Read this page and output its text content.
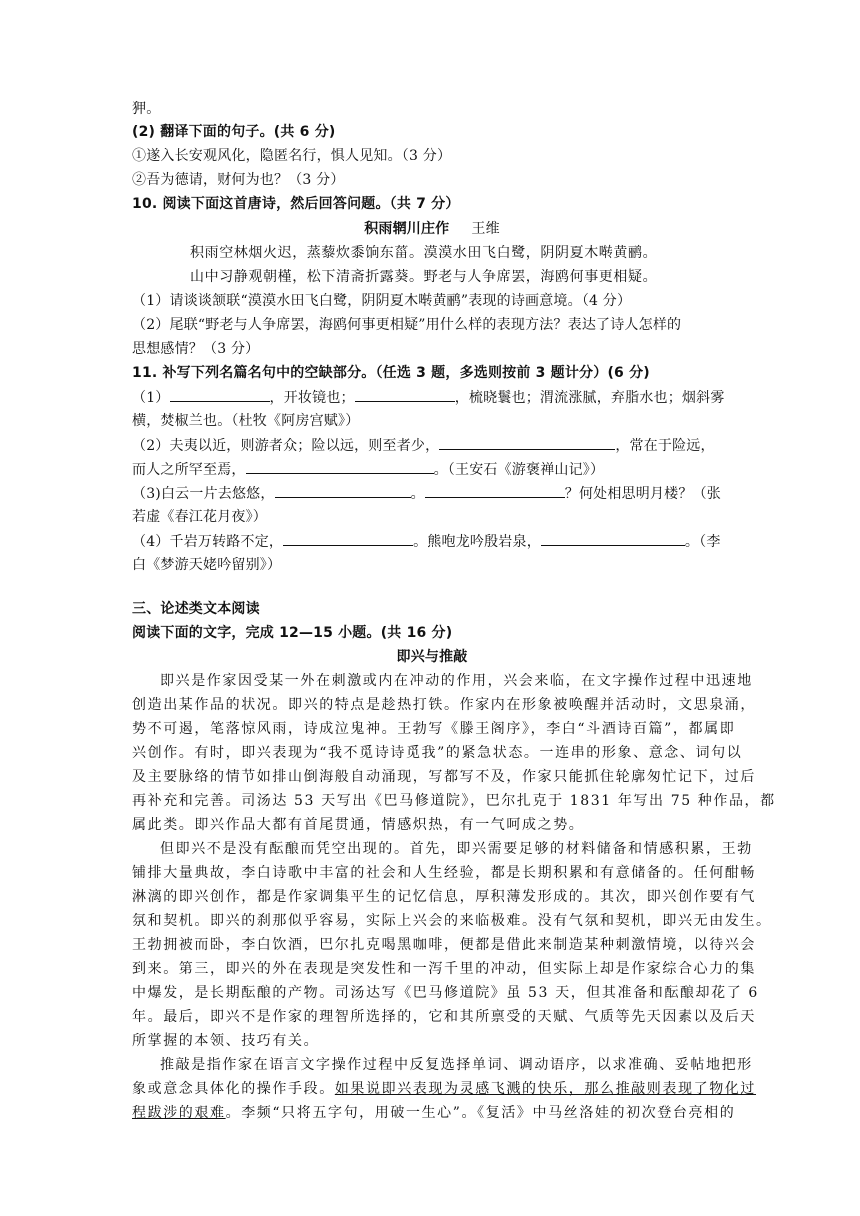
狎。
(2) 翻译下面的句子。(共 6 分)
①遂入长安观风化，隐匿名行，惧人见知。（3 分）
②吾为德请，财何为也？（3 分）
10. 阅读下面这首唐诗，然后回答问题。（共 7 分）
积雨辋川庄作 王维
积雨空林烟火迟，蒸藜炊黍饷东菑。漠漠水田飞白鹭，阴阴夏木啭黄鹂。
山中习静观朝槿，松下清斋折露葵。野老与人争席罢，海鸥何事更相疑。
（1）请谈谈颔联“漠漠水田飞白鹭，阴阴夏木啭黄鹂”表现的诗画意境。（4 分）
（2）尾联“野老与人争席罢，海鸥何事更相疑”用什么样的表现方法？表达了诗人怎样的
思想感情？（3 分）
11. 补写下列名篇名句中的空缺部分。（任选 3 题，多选则按前 3 题计分）(6 分)
（1）	，开妆镜也；	，梳晓鬟也；渭流涨腻，弃脂水也；烟斜雾
横，焚椒兰也。（杜牧《阿房宫赋》）
（2）夫夷以近，则游者众；险以远，则至者少，	，常在于险远，
而人之所罕至焉，	。（王安石《游褒禅山记》）
（3)白云一片去悠悠，	。	？何处相思明月楼？（张
若虚《春江花月夜》）
（4）千岩万转路不定，	。熊咆龙吟殷岩泉，	。（李
白《梦游天姥吟留别》）
三、论述类文本阅读
阅读下面的文字，完成 12—15 小题。(共 16 分)
即兴与推敲
即兴是作家因受某一外在刺激或内在冲动的作用，兴会来临，在文字操作过程中迅速地
创造出某作品的状况。即兴的特点是趁热打铁。作家内在形象被唤醒并活动时，文思泉涌，
势不可遏，笔落惊风雨，诗成泣鬼神。王勃写《滕王阁序》，李白“斗酒诗百篇”，都属即
兴创作。有时，即兴表现为“我不觅诗诗觅我”的紧急状态。一连串的形象、意念、词句以
及主要脉络的情节如排山倒海般自动涌现，写都写不及，作家只能抓住轮廓匆忙记下，过后
再补充和完善。司汤达 53 天写出《巴马修道院》，巴尔扎克于 1831 年写出 75 种作品，都
属此类。即兴作品大都有首尾贯通，情感炽热，有一气呵成之势。
但即兴不是没有酝酿而凭空出现的。首先，即兴需要足够的材料储备和情感积累，王勃
铺排大量典故，李白诗歌中丰富的社会和人生经验，都是长期积累和有意储备的。任何酣畅
淋漓的即兴创作，都是作家调集平生的记忆信息，厚积薄发形成的。其次，即兴创作要有气
氛和契机。即兴的刹那似乎容易，实际上兴会的来临极难。没有气氛和契机，即兴无由发生。
王勃拥被而卧，李白饮酒，巴尔扎克喝黑咖啡，便都是借此来制造某种刺激情境，以待兴会
到来。第三，即兴的外在表现是突发性和一泻千里的冲动，但实际上却是作家综合心力的集
中爆发，是长期酝酿的产物。司汤达写《巴马修道院》虽 53 天，但其准备和酝酿却花了 6
年。最后，即兴不是作家的理智所选择的，它和其所禀受的天赋、气质等先天因素以及后天
所掌握的本领、技巧有关。
推敲是指作家在语言文字操作过程中反复选择单词、调动语序，以求准确、妥帖地把形
象或意念具体化的操作手段。如果说即兴表现为灵感飞溅的快乐，那么推敲则表现了物化过
程跋涉的艰难。李频“只将五字句，用破一生心”。《复活》中马丝洛娃的初次登台亮相的
